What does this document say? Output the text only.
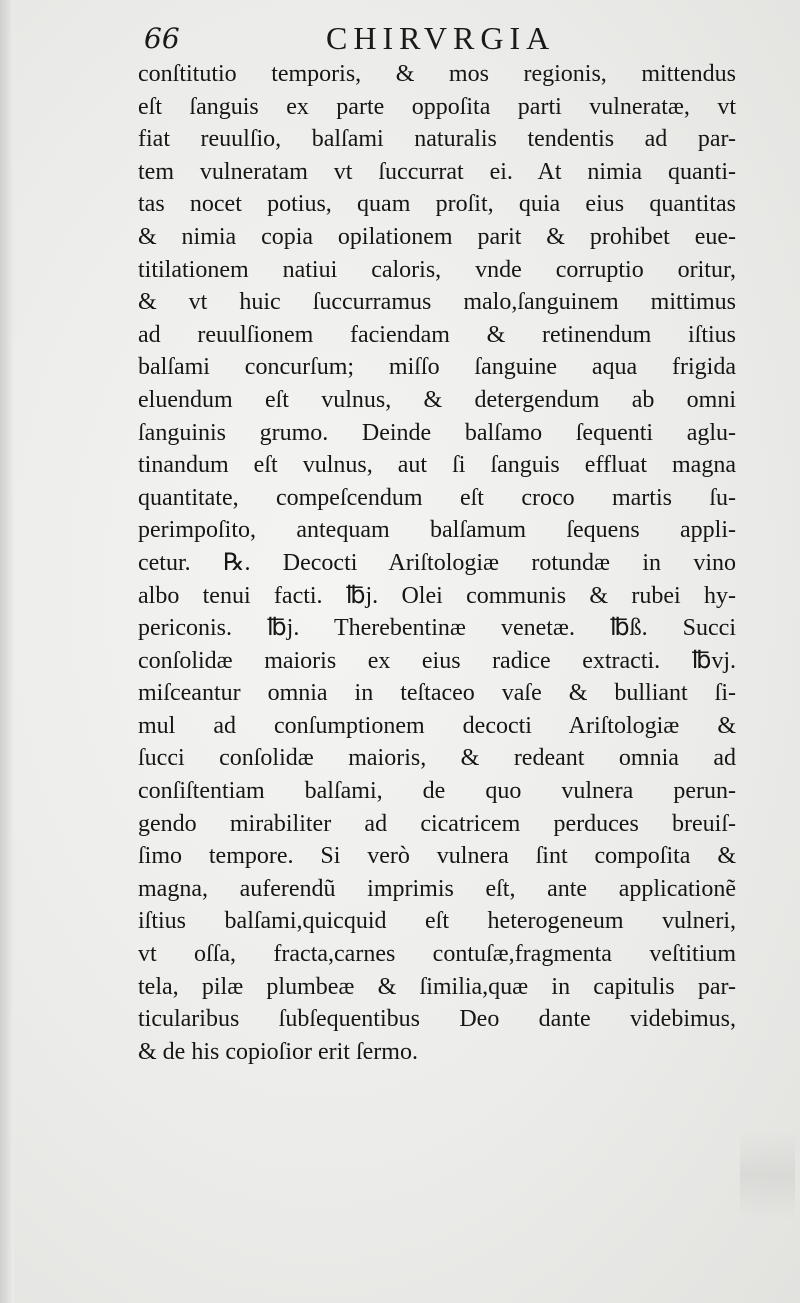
66	CHIRVRGIA
conſtitutio temporis, & mos regionis, mittendus
eſt ſanguis ex parte oppoſita parti vulneratæ, vt
fiat reuulſio, balſami naturalis tendentis ad par-
tem vulneratam vt ſuccurrat ei. At nimia quanti-
tas nocet potius, quam proſit, quia eius quantitas
& nimia copia opilationem parit & prohibet eue-
titilationem natiui caloris, vnde corruptio oritur,
& vt huic ſuccurramus malo,ſanguinem mittimus
ad reuulſionem faciendam & retinendum iſtius
balſami concurſum; miſſo ſanguine aqua frigida
eluendum eſt vulnus, & detergendum ab omni
ſanguinis grumo. Deinde balſamo ſequenti aglu-
tinandum eſt vulnus, aut ſi ſanguis effluat magna
quantitate, compeſcendum eſt croco martis ſu-
perimpoſito, antequam balſamum ſequens appli-
cetur. ℞. Decocti Ariſtologiæ rotundæ in vino
albo tenui facti. ℔j. Olei communis & rubei hy-
periconis. ℔j. Therebentinæ venetæ. ℔ß. Succi
conſolidæ maioris ex eius radice extracti. ℔vj.
miſceantur omnia in teſtaceo vaſe & bulliant ſi-
mul ad conſumptionem decocti Ariſtologiæ &
ſucci conſolidæ maioris, & redeant omnia ad
conſiſtentiam balſami, de quo vulnera perun-
gendo mirabiliter ad cicatricem perduces breuiſ-
ſimo tempore. Si verò vulnera ſint compoſita &
magna, auferendũ imprimis eſt, ante applicationẽ
iſtius balſami,quicquid eſt heterogeneum vulneri,
vt oſſa, fracta,carnes contuſæ,fragmenta veſtitium
tela, pilæ plumbeæ & ſimilia,quæ in capitulis par-
ticularibus ſubſequentibus Deo dante videbimus,
& de his copioſior erit ſermo.
